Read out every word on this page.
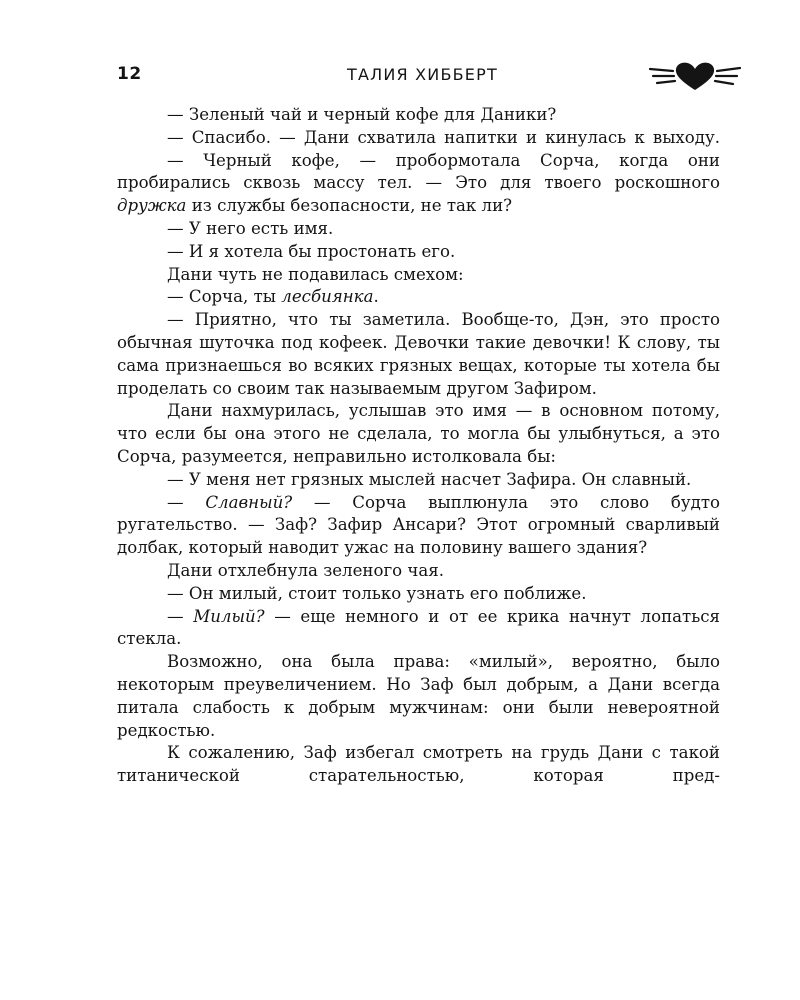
12	ТАЛИЯ ХИББЕРТ

— Зеленый чай и черный кофе для Даники?

— Спасибо. — Дани схватила напитки и кинулась к выходу.

— Черный кофе, — пробормотала Сорча, когда они пробирались сквозь массу тел. — Это для твоего роскошного дружка из службы безопасности, не так ли?

— У него есть имя.

— И я хотела бы простонать его.

Дани чуть не подавилась смехом:

— Сорча, ты лесбиянка.

— Приятно, что ты заметила. Вообще-то, Дэн, это просто обычная шуточка под кофеек. Девочки такие девочки! К слову, ты сама признаешься во всяких грязных вещах, которые ты хотела бы проделать со своим так называемым другом Зафиром.

Дани нахмурилась, услышав это имя — в основном потому, что если бы она этого не сделала, то могла бы улыбнуться, а это Сорча, разумеется, неправильно истолковала бы:

— У меня нет грязных мыслей насчет Зафира. Он славный.

— Славный? — Сорча выплюнула это слово будто ругательство. — Заф? Зафир Ансари? Этот огромный сварливый долбак, который наводит ужас на половину вашего здания?

Дани отхлебнула зеленого чая.

— Он милый, стоит только узнать его поближе.

— Милый? — еще немного и от ее крика начнут лопаться стекла.

Возможно, она была права: «милый», вероятно, было некоторым преувеличением. Но Заф был добрым, а Дани всегда питала слабость к добрым мужчинам: они были невероятной редкостью.

К сожалению, Заф избегал смотреть на грудь Дани с такой титанической старательностью, которая пред-
